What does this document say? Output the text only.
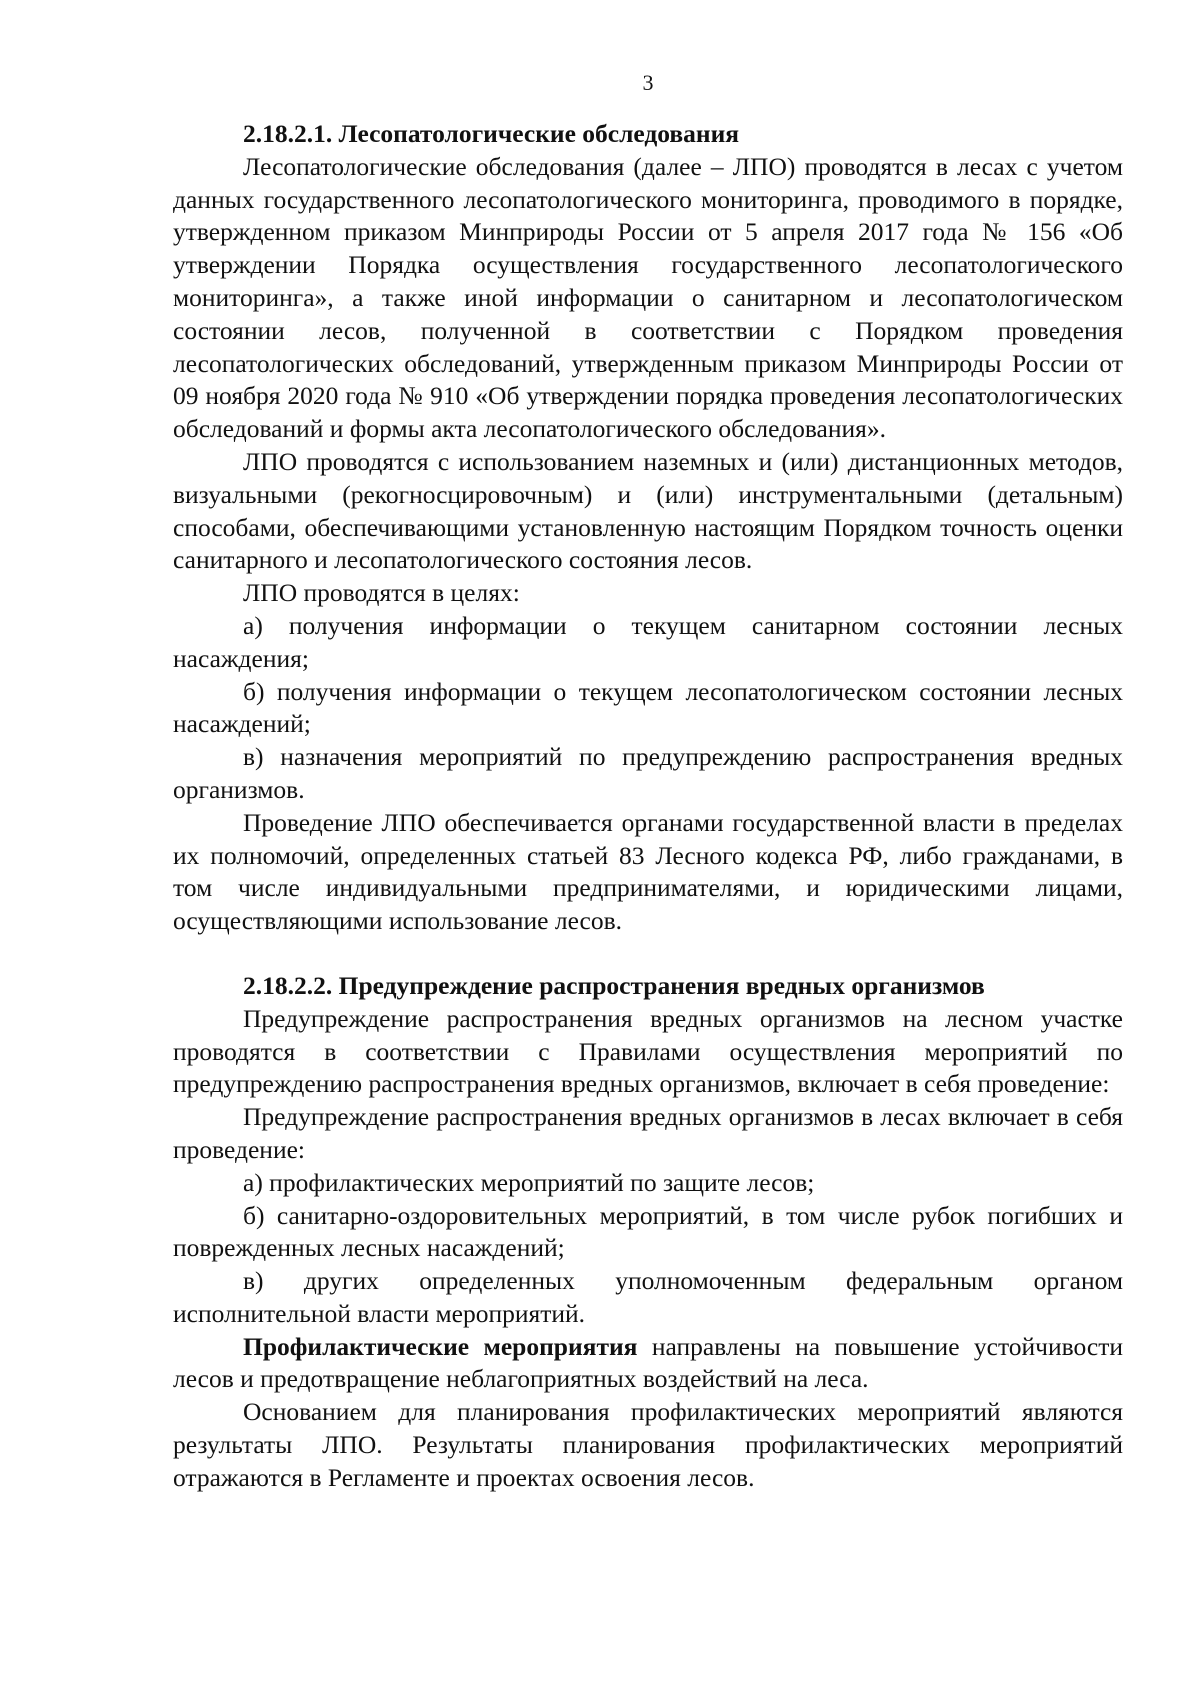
3

2.18.2.1. Лесопатологические обследования

Лесопатологические обследования (далее – ЛПО) проводятся в лесах с учетом данных государственного лесопатологического мониторинга, проводимого в порядке, утвержденном приказом Минприроды России от 5 апреля 2017 года № 156 «Об утверждении Порядка осуществления государственного лесопатологического мониторинга», а также иной информации о санитарном и лесопатологическом состоянии лесов, полученной в соответствии с Порядком проведения лесопатологических обследований, утвержденным приказом Минприроды России от 09 ноября 2020 года № 910 «Об утверждении порядка проведения лесопатологических обследований и формы акта лесопатологического обследования».

ЛПО проводятся с использованием наземных и (или) дистанционных методов, визуальными (рекогносцировочным) и (или) инструментальными (детальным) способами, обеспечивающими установленную настоящим Порядком точность оценки санитарного и лесопатологического состояния лесов.

ЛПО проводятся в целях:

а) получения информации о текущем санитарном состоянии лесных насаждения;

б) получения информации о текущем лесопатологическом состоянии лесных насаждений;

в) назначения мероприятий по предупреждению распространения вредных организмов.

Проведение ЛПО обеспечивается органами государственной власти в пределах их полномочий, определенных статьей 83 Лесного кодекса РФ, либо гражданами, в том числе индивидуальными предпринимателями, и юридическими лицами, осуществляющими использование лесов.

2.18.2.2. Предупреждение распространения вредных организмов

Предупреждение распространения вредных организмов на лесном участке проводятся в соответствии с Правилами осуществления мероприятий по предупреждению распространения вредных организмов, включает в себя проведение:

Предупреждение распространения вредных организмов в лесах включает в себя проведение:

а) профилактических мероприятий по защите лесов;

б) санитарно-оздоровительных мероприятий, в том числе рубок погибших и поврежденных лесных насаждений;

в) других определенных уполномоченным федеральным органом исполнительной власти мероприятий.

Профилактические мероприятия направлены на повышение устойчивости лесов и предотвращение неблагоприятных воздействий на леса.

Основанием для планирования профилактических мероприятий являются результаты ЛПО. Результаты планирования профилактических мероприятий отражаются в Регламенте и проектах освоения лесов.
